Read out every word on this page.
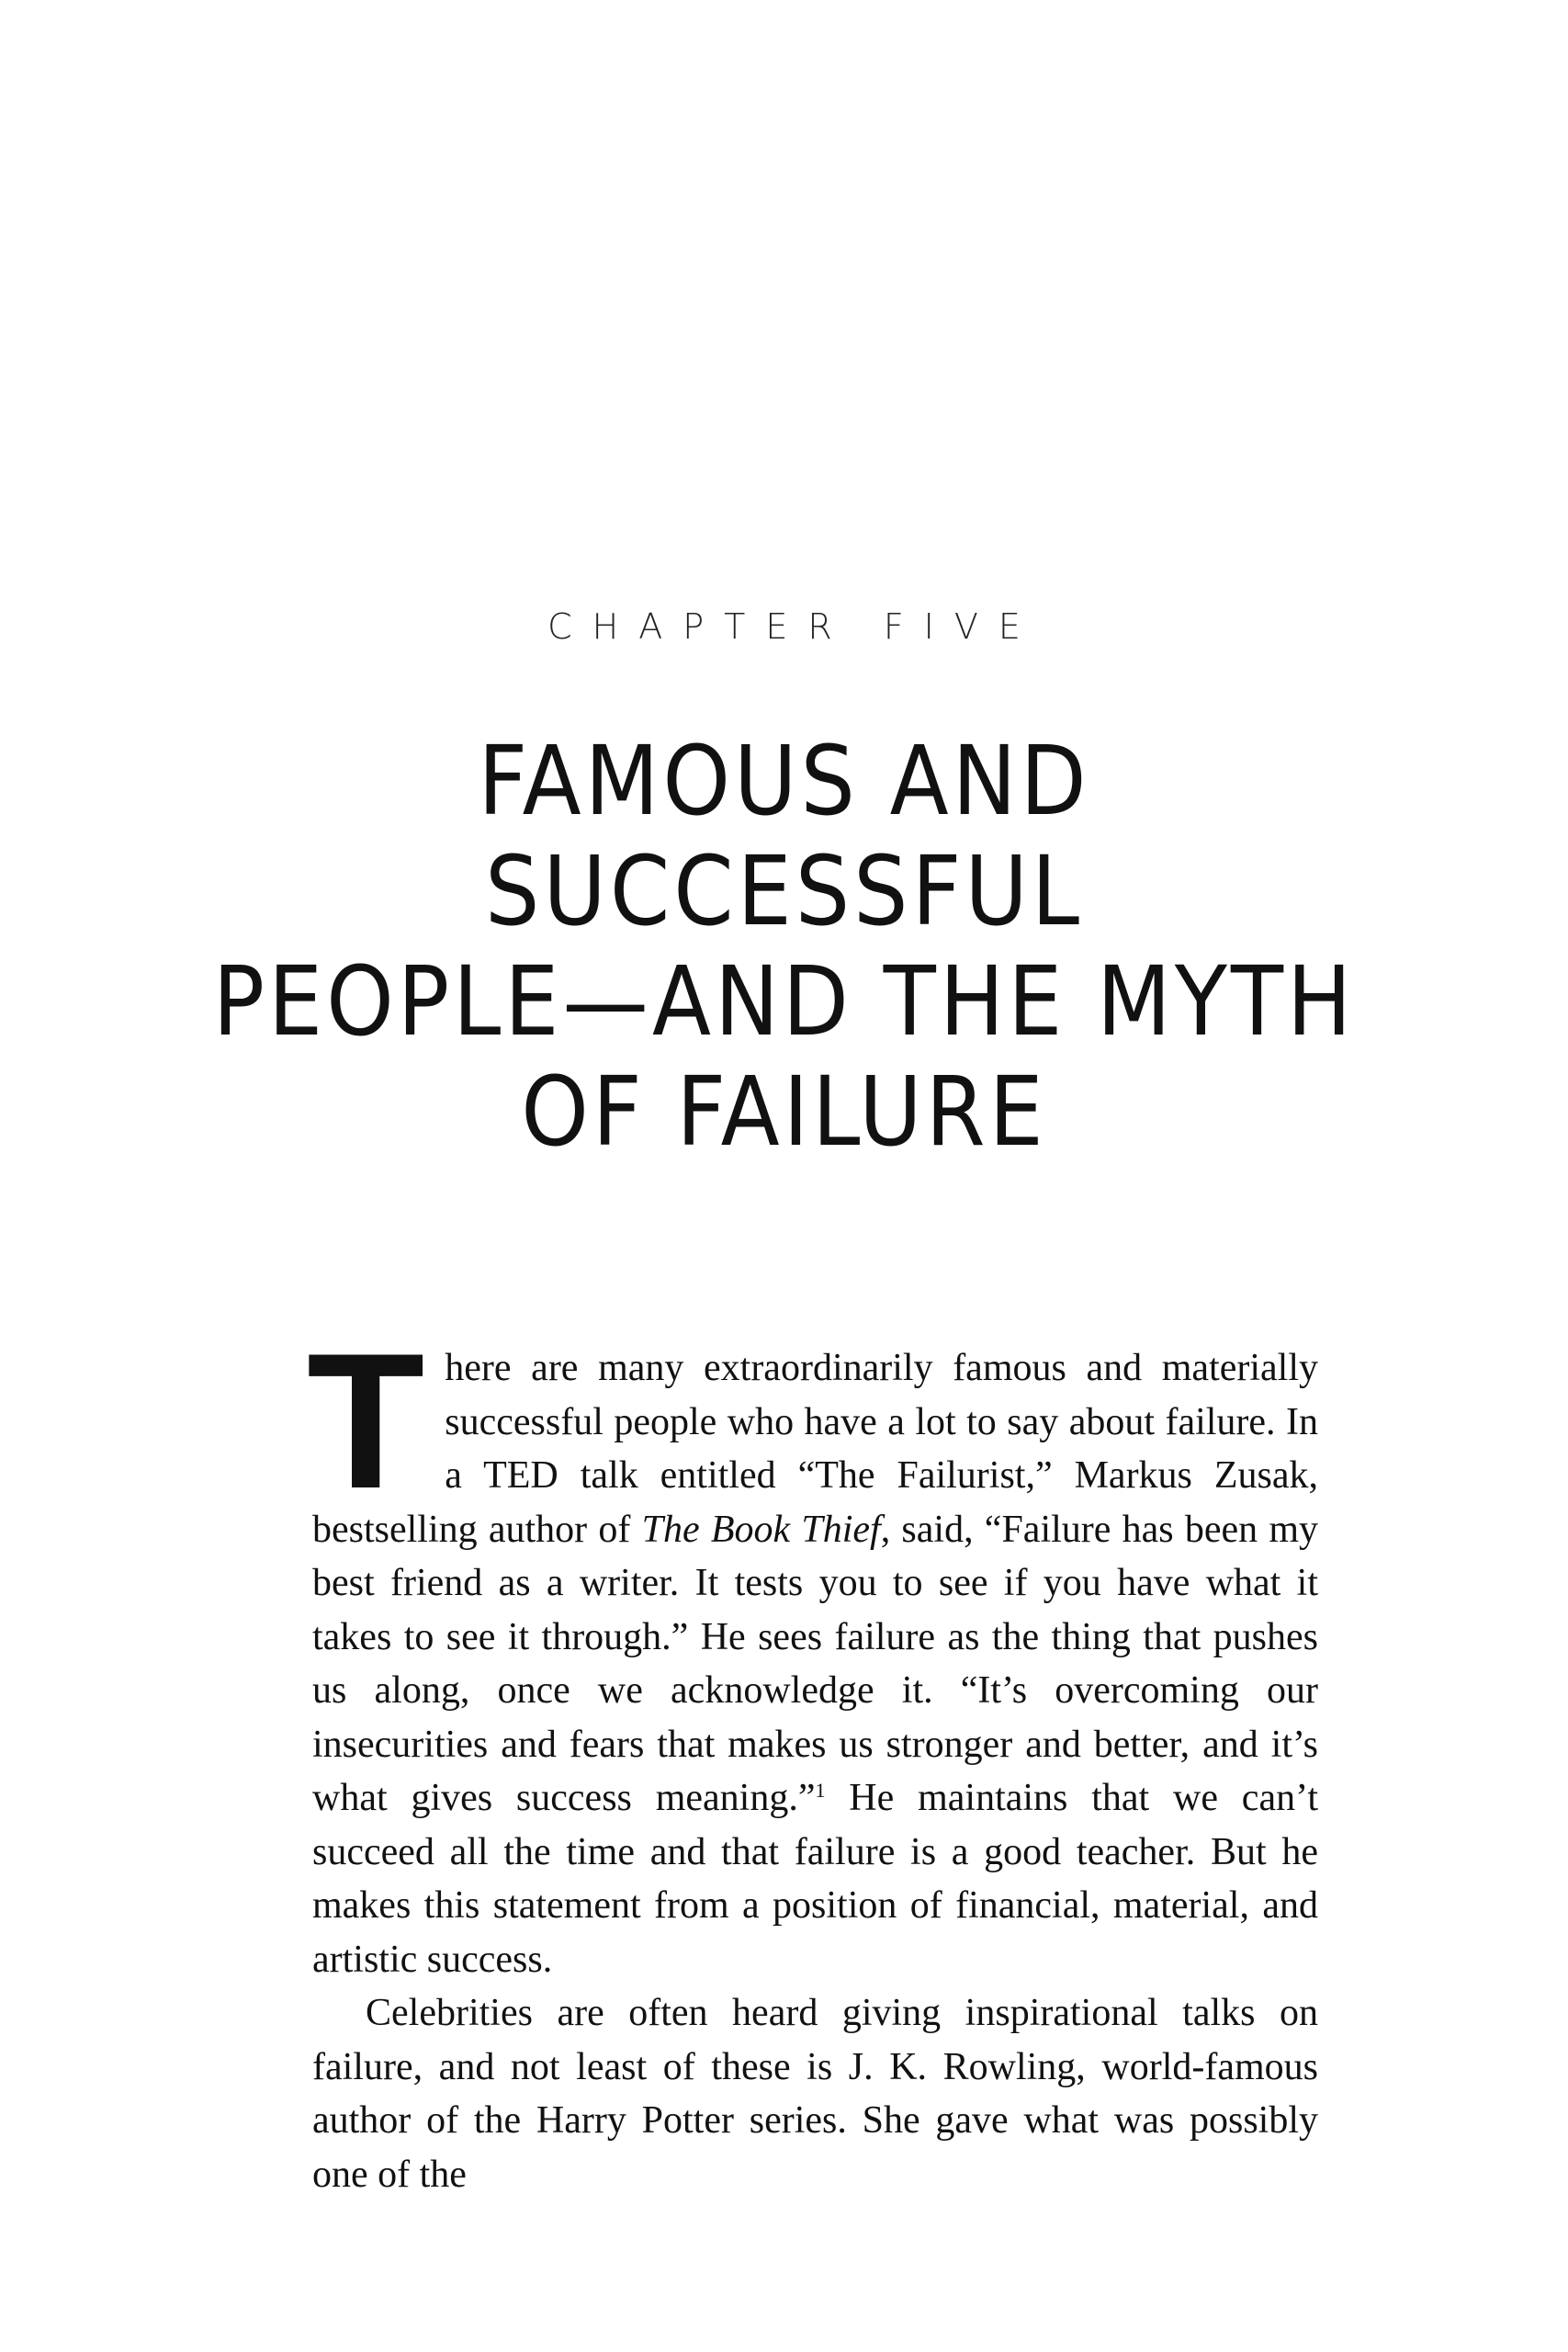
CHAPTER FIVE
FAMOUS AND SUCCESSFUL
PEOPLE—AND THE MYTH
OF FAILURE

There are many extraordinarily famous and materially successful people who have a lot to say about failure. In a TED talk entitled “The Failurist,” Markus Zusak, bestselling author of The Book Thief, said, “Failure has been my best friend as a writer. It tests you to see if you have what it takes to see it through.” He sees failure as the thing that pushes us along, once we acknowledge it. “It’s overcoming our insecurities and fears that makes us stronger and better, and it’s what gives success meaning.”$^1$ He maintains that we can’t succeed all the time and that failure is a good teacher. But he makes this statement from a position of financial, material, and artistic success.

Celebrities are often heard giving inspirational talks on failure, and not least of these is J. K. Rowling, world-famous author of the Harry Potter series. She gave what was possibly one of the
